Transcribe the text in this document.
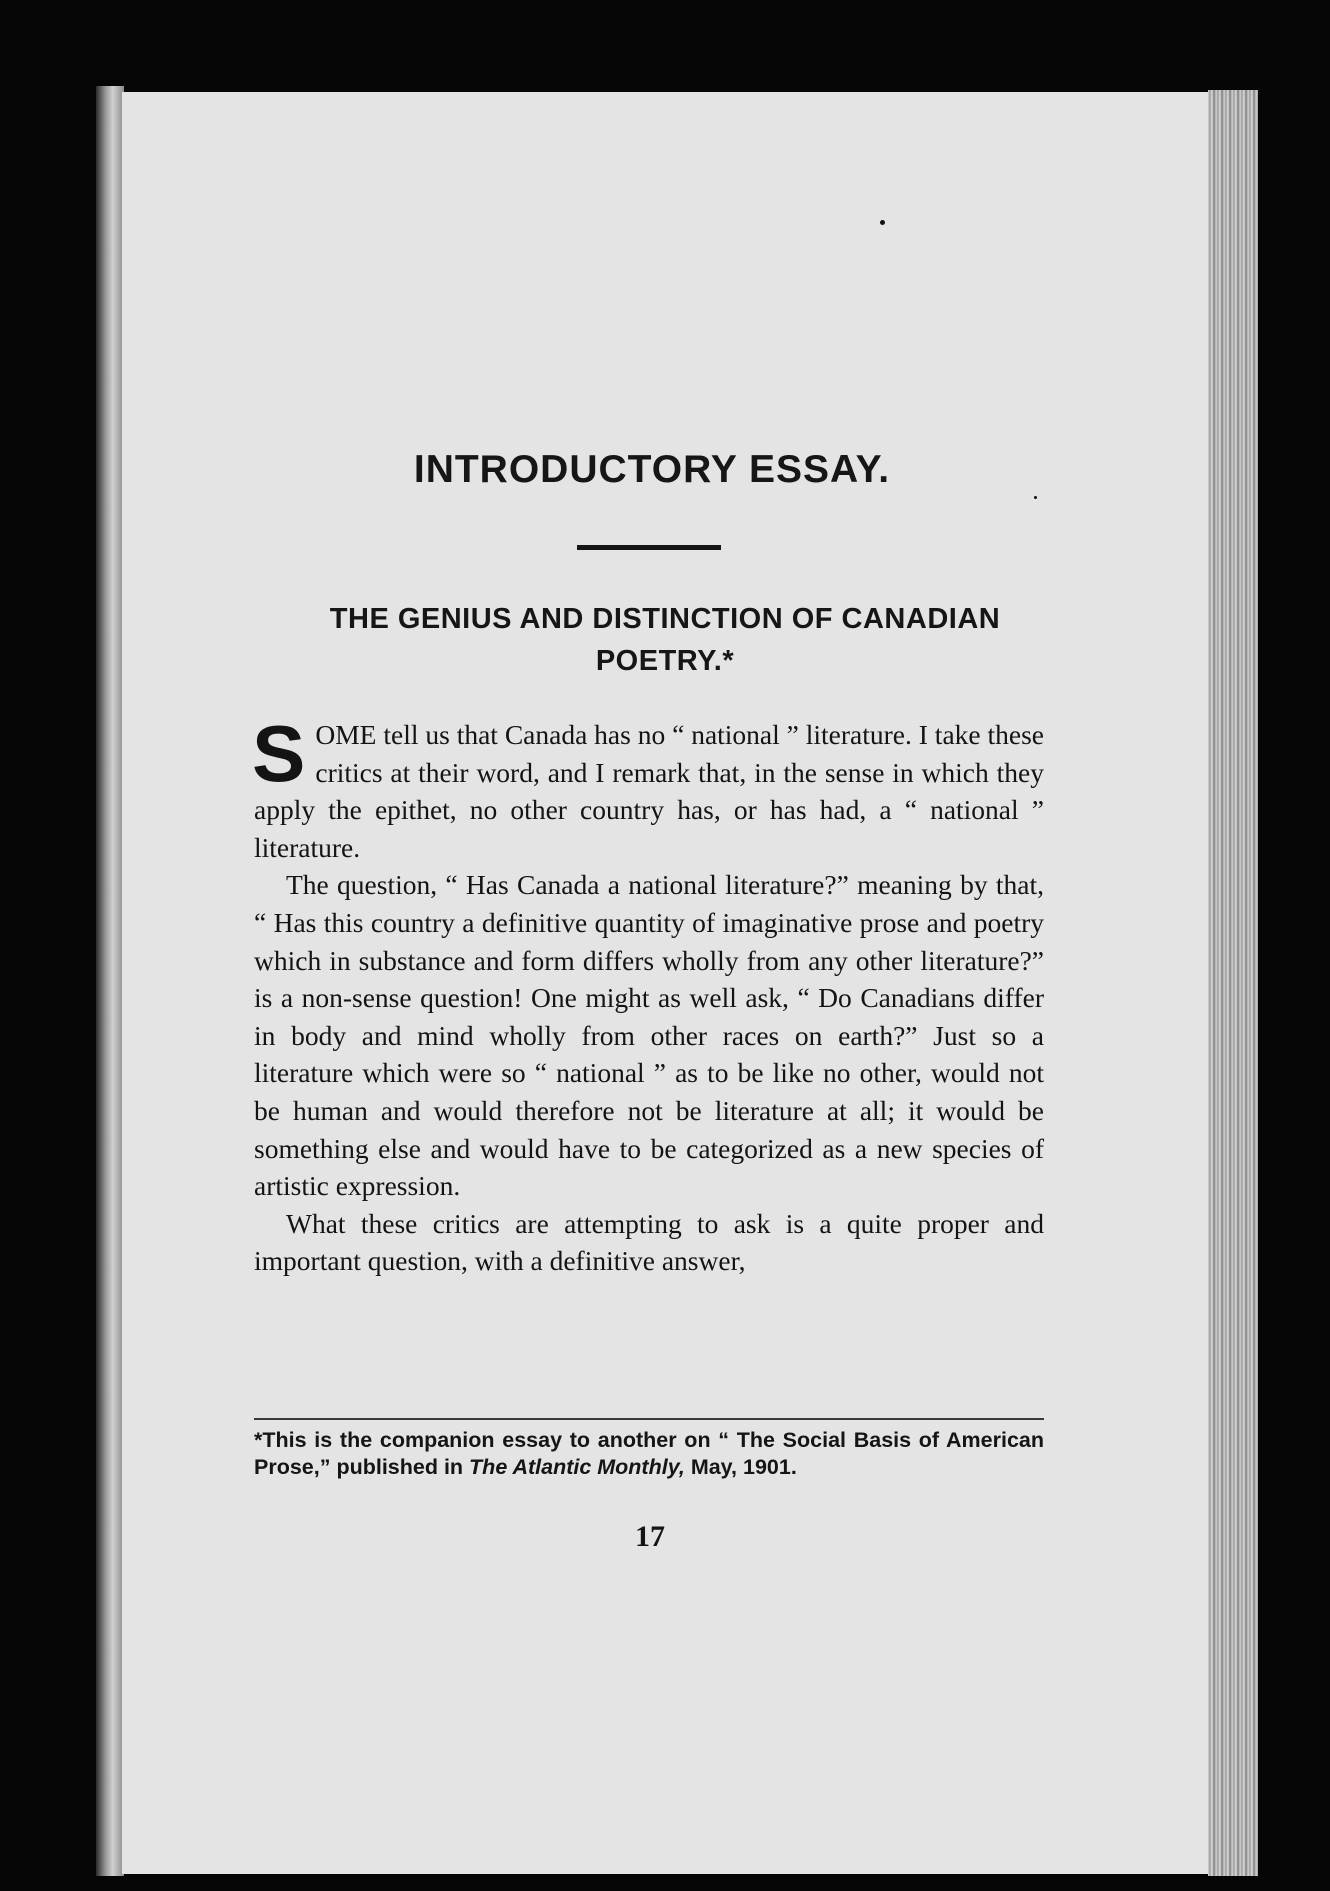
INTRODUCTORY ESSAY.
THE GENIUS AND DISTINCTION OF CANADIAN POETRY.*

SOME tell us that Canada has no “ national ” literature. I take these critics at their word, and I remark that, in the sense in which they apply the epithet, no other country has, or has had, a “ national ” literature.

The question, “ Has Canada a national literature?” meaning by that, “ Has this country a definitive quantity of imaginative prose and poetry which in substance and form differs wholly from any other literature?” is a non-sense question! One might as well ask, “ Do Canadians differ in body and mind wholly from other races on earth?” Just so a literature which were so “ national ” as to be like no other, would not be human and would therefore not be literature at all; it would be something else and would have to be categorized as a new species of artistic expression.

What these critics are attempting to ask is a quite proper and important question, with a definitive answer,

*This is the companion essay to another on “ The Social Basis of American Prose,” published in The Atlantic Monthly, May, 1901.

17
